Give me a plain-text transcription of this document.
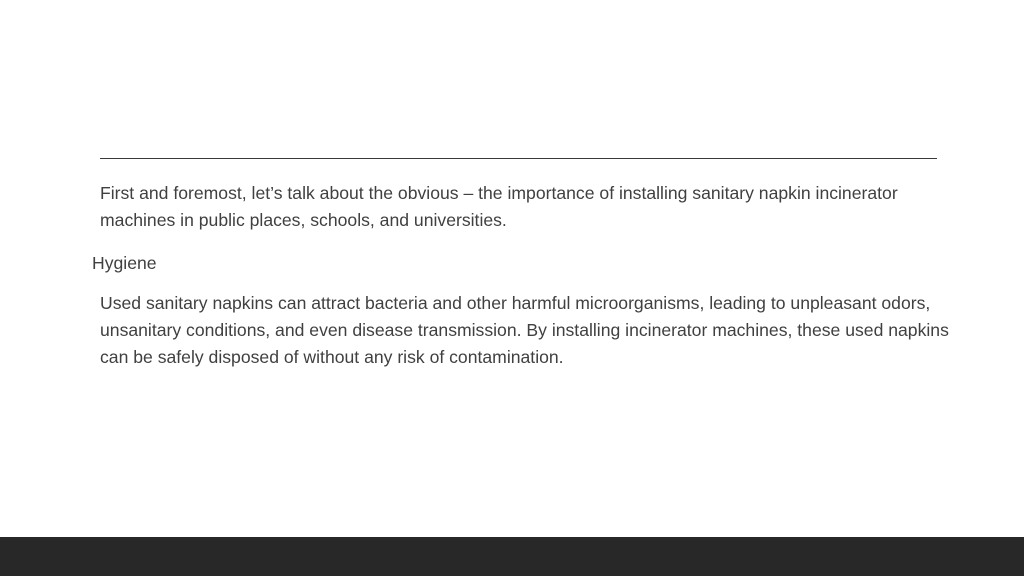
First and foremost, let’s talk about the obvious – the importance of installing sanitary napkin incinerator machines in public places, schools, and universities.

Hygiene

Used sanitary napkins can attract bacteria and other harmful microorganisms, leading to unpleasant odors, unsanitary conditions, and even disease transmission. By installing incinerator machines, these used napkins can be safely disposed of without any risk of contamination.
